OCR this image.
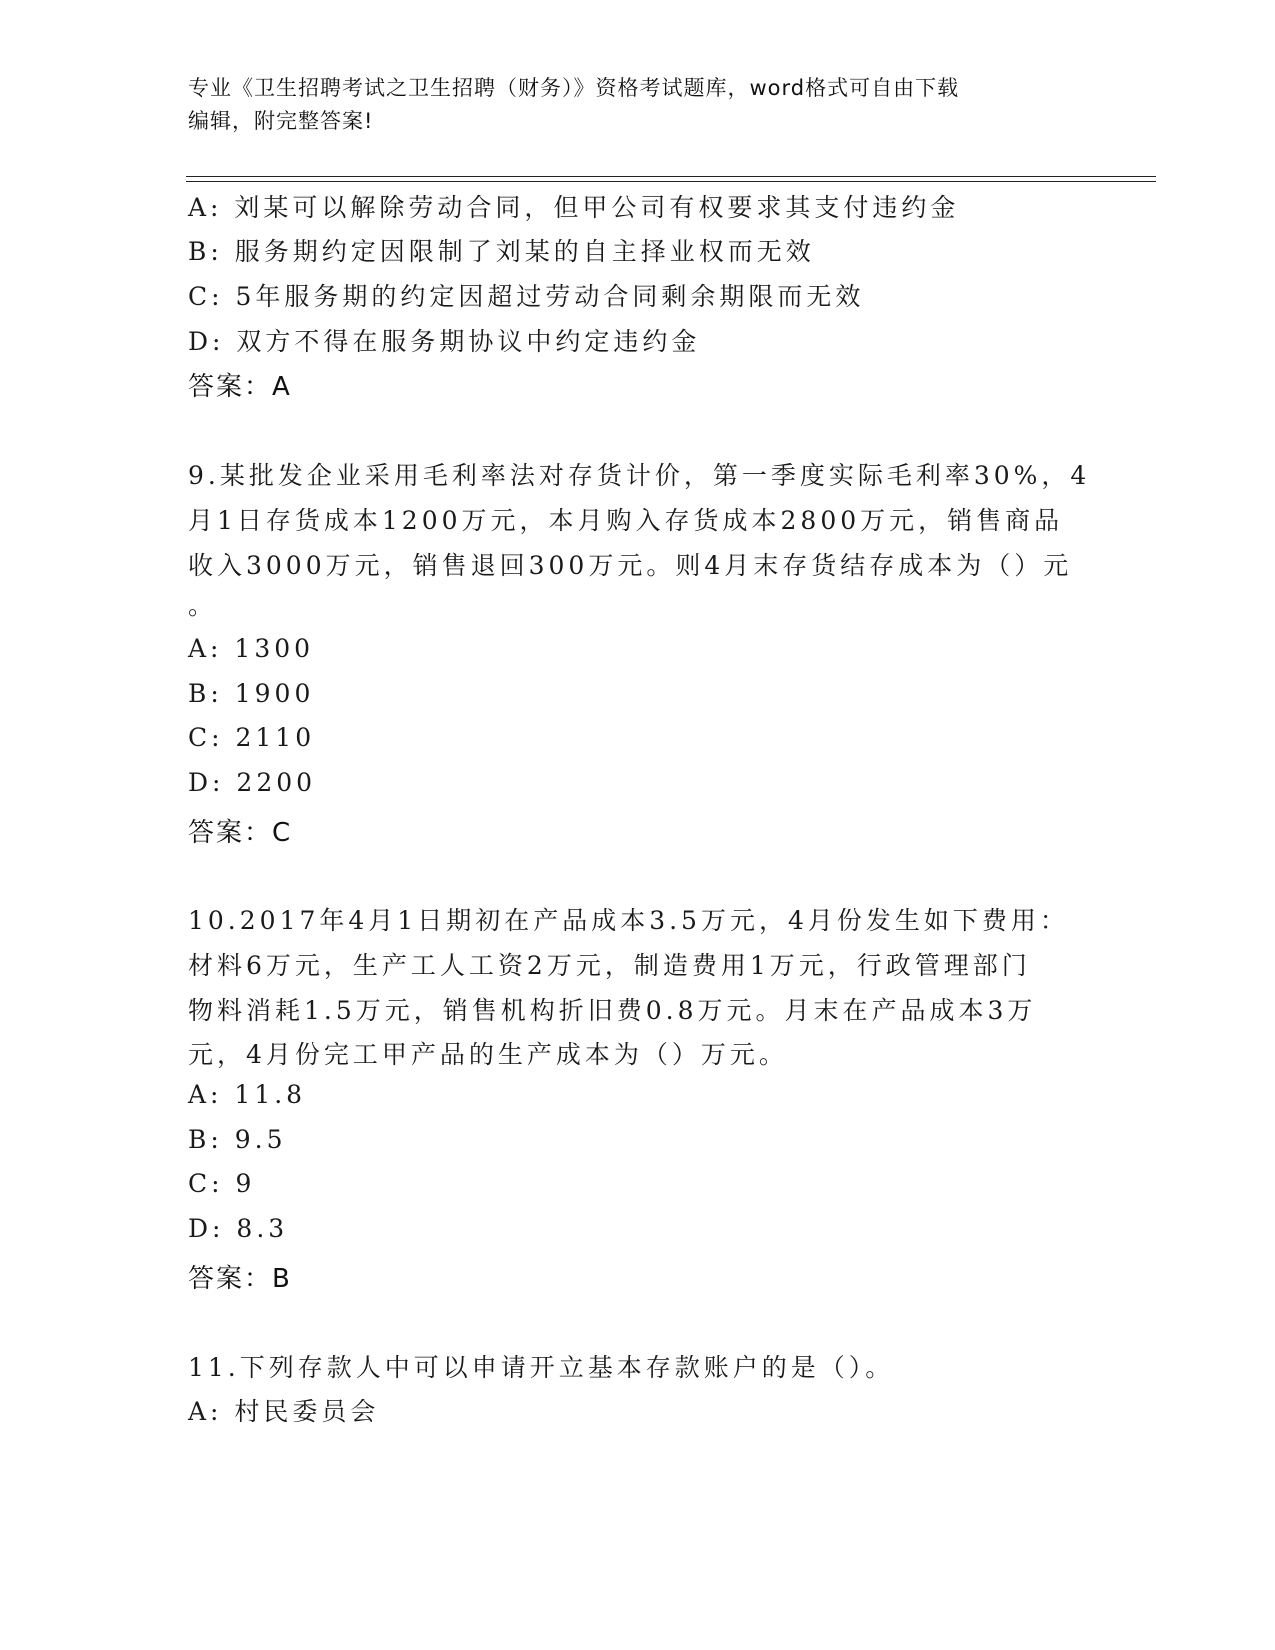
专业《卫生招聘考试之卫生招聘（财务）》资格考试题库，word格式可自由下载
编辑，附完整答案!
A: 刘某可以解除劳动合同，但甲公司有权要求其支付违约金
B: 服务期约定因限制了刘某的自主择业权而无效
C: 5年服务期的约定因超过劳动合同剩余期限而无效
D: 双方不得在服务期协议中约定违约金
答案：A
9.某批发企业采用毛利率法对存货计价，第一季度实际毛利率30%，4
月1日存货成本1200万元，本月购入存货成本2800万元，销售商品
收入3000万元，销售退回300万元。则4月末存货结存成本为（）元
。
A: 1300
B: 1900
C: 2110
D: 2200
答案：C
10.2017年4月1日期初在产品成本3.5万元，4月份发生如下费用：
材料6万元，生产工人工资2万元，制造费用1万元，行政管理部门
物料消耗1.5万元，销售机构折旧费0.8万元。月末在产品成本3万
元，4月份完工甲产品的生产成本为（）万元。
A: 11.8
B: 9.5
C: 9
D: 8.3
答案：B
11.下列存款人中可以申请开立基本存款账户的是（）。
A: 村民委员会
